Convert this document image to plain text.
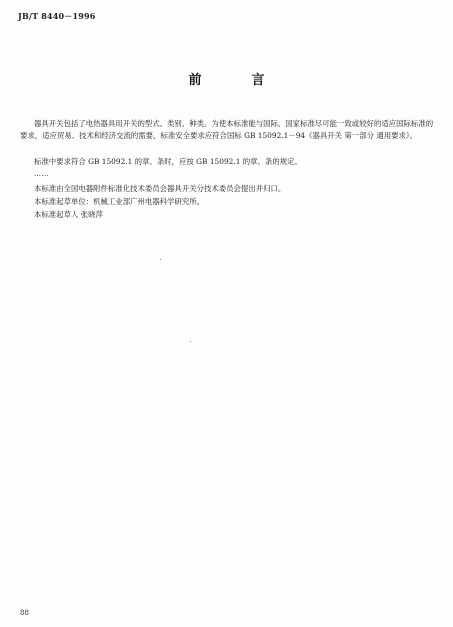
JB/T 8440－1996
前言
器具开关包括了电热器具用开关的型式、类别、种类。为使本标准能与国际、国家标准尽可能一致或较好的适应国际标准的要求，适应贸易、技术和经济交流的需要，标准安全要求应符合国标 GB 15092.1－94《器具开关 第一部分 通用要求》。
标准中要求符合 GB 15092.1 的章、条时，应按 GB 15092.1 的章、条的规定。
……
本标准由全国电器附件标准化技术委员会器具开关分技术委员会提出并归口。
本标准起草单位：机械工业部广州电器科学研究所。
本标准起草人 张晓萍
88
